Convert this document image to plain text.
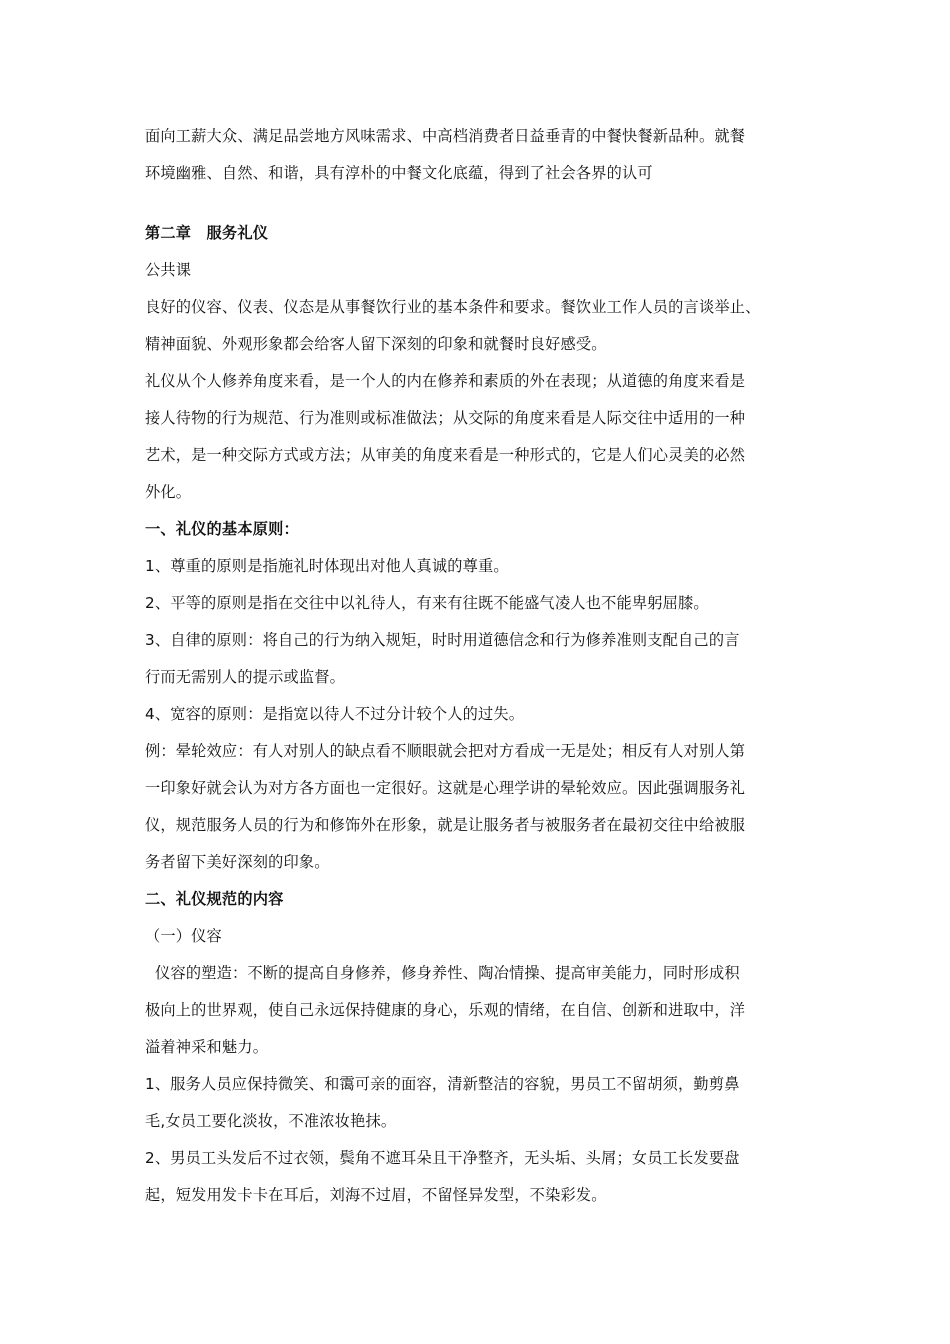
面向工薪大众、满足品尝地方风味需求、中高档消费者日益垂青的中餐快餐新品种。就餐
环境幽雅、自然、和谐，具有淳朴的中餐文化底蕴，得到了社会各界的认可
第二章　服务礼仪
公共课
良好的仪容、仪表、仪态是从事餐饮行业的基本条件和要求。餐饮业工作人员的言谈举止、
精神面貌、外观形象都会给客人留下深刻的印象和就餐时良好感受。
礼仪从个人修养角度来看，是一个人的内在修养和素质的外在表现；从道德的角度来看是
接人待物的行为规范、行为准则或标准做法；从交际的角度来看是人际交往中适用的一种
艺术，是一种交际方式或方法；从审美的角度来看是一种形式的，它是人们心灵美的必然
外化。
一、礼仪的基本原则：
1、尊重的原则是指施礼时体现出对他人真诚的尊重。
2、平等的原则是指在交往中以礼待人，有来有往既不能盛气凌人也不能卑躬屈膝。
3、自律的原则：将自己的行为纳入规矩，时时用道德信念和行为修养准则支配自己的言
行而无需别人的提示或监督。
4、宽容的原则：是指宽以待人不过分计较个人的过失。
例：晕轮效应：有人对别人的缺点看不顺眼就会把对方看成一无是处；相反有人对别人第
一印象好就会认为对方各方面也一定很好。这就是心理学讲的晕轮效应。因此强调服务礼
仪，规范服务人员的行为和修饰外在形象，就是让服务者与被服务者在最初交往中给被服
务者留下美好深刻的印象。
二、礼仪规范的内容
（一）仪容
仪容的塑造：不断的提高自身修养，修身养性、陶冶情操、提高审美能力，同时形成积
极向上的世界观，使自己永远保持健康的身心，乐观的情绪，在自信、创新和进取中，洋
溢着神采和魅力。
1、服务人员应保持微笑、和霭可亲的面容，清新整洁的容貌，男员工不留胡须，勤剪鼻
毛,女员工要化淡妆，不准浓妆艳抹。
2、男员工头发后不过衣领，鬓角不遮耳朵且干净整齐，无头垢、头屑；女员工长发要盘
起，短发用发卡卡在耳后，刘海不过眉，不留怪异发型，不染彩发。
